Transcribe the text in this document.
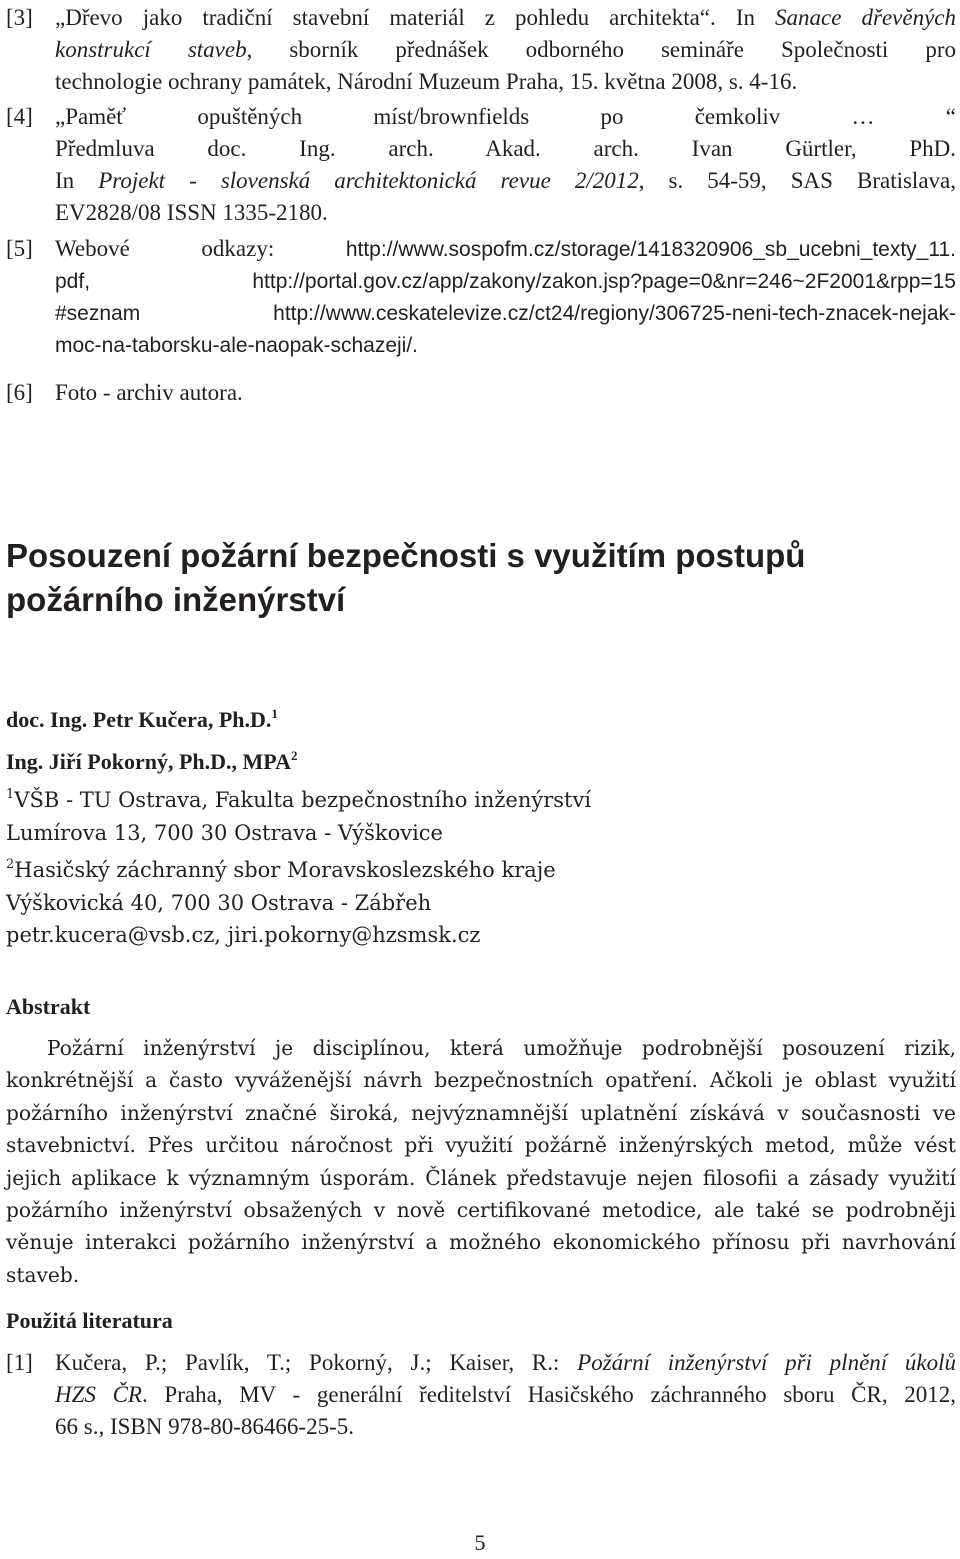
[3] „Dřevo jako tradiční stavební materiál z pohledu architekta“. In Sanace dřevěných
konstrukcí staveb, sborník přednášek odborného semináře Společnosti pro
technologie ochrany památek, Národní Muzeum Praha, 15. května 2008, s. 4-16.
[4] „Paměť opuštěných míst/brownfields po čemkoliv … “
Předmluva doc. Ing. arch. Akad. arch. Ivan Gürtler, PhD.
In Projekt - slovenská architektonická revue 2/2012, s. 54-59, SAS Bratislava,
EV2828/08 ISSN 1335-2180.
[5] Webové odkazy: http://www.sospofm.cz/storage/1418320906_sb_ucebni_texty_11.
pdf, http://portal.gov.cz/app/zakony/zakon.jsp?page=0&nr=246~2F2001&rpp=15
#seznam http://www.ceskatelevize.cz/ct24/regiony/306725-neni-tech-znacek-nejak-
moc-na-taborsku-ale-naopak-schazeji/.
[6] Foto - archiv autora.
Posouzení požární bezpečnosti s využitím postupů
požárního inženýrství
doc. Ing. Petr Kučera, Ph.D.$^1$
Ing. Jiří Pokorný, Ph.D., MPA$^2$
$^1$VŠB - TU Ostrava, Fakulta bezpečnostního inženýrství
Lumírova 13, 700 30 Ostrava - Výškovice
$^2$Hasičský záchranný sbor Moravskoslezského kraje
Výškovická 40, 700 30 Ostrava - Zábřeh
petr.kucera@vsb.cz, jiri.pokorny@hzsmsk.cz
Abstrakt
Požární inženýrství je disciplínou, která umožňuje podrobnější posouzení rizik,
konkrétnější a často vyváženější návrh bezpečnostních opatření. Ačkoli je oblast využití
požárního inženýrství značné široká, nejvýznamnější uplatnění získává v současnosti ve
stavebnictví. Přes určitou náročnost při využití požárně inženýrských metod, může vést
jejich aplikace k významným úsporám. Článek představuje nejen filosofii a zásady využití
požárního inženýrství obsažených v nově certifikované metodice, ale také se podrobněji
věnuje interakci požárního inženýrství a možného ekonomického přínosu při navrhování
staveb.
Použitá literatura
[1] Kučera, P.; Pavlík, T.; Pokorný, J.; Kaiser, R.: Požární inženýrství při plnění úkolů
HZS ČR. Praha, MV - generální ředitelství Hasičského záchranného sboru ČR, 2012,
66 s., ISBN 978-80-86466-25-5.
5
